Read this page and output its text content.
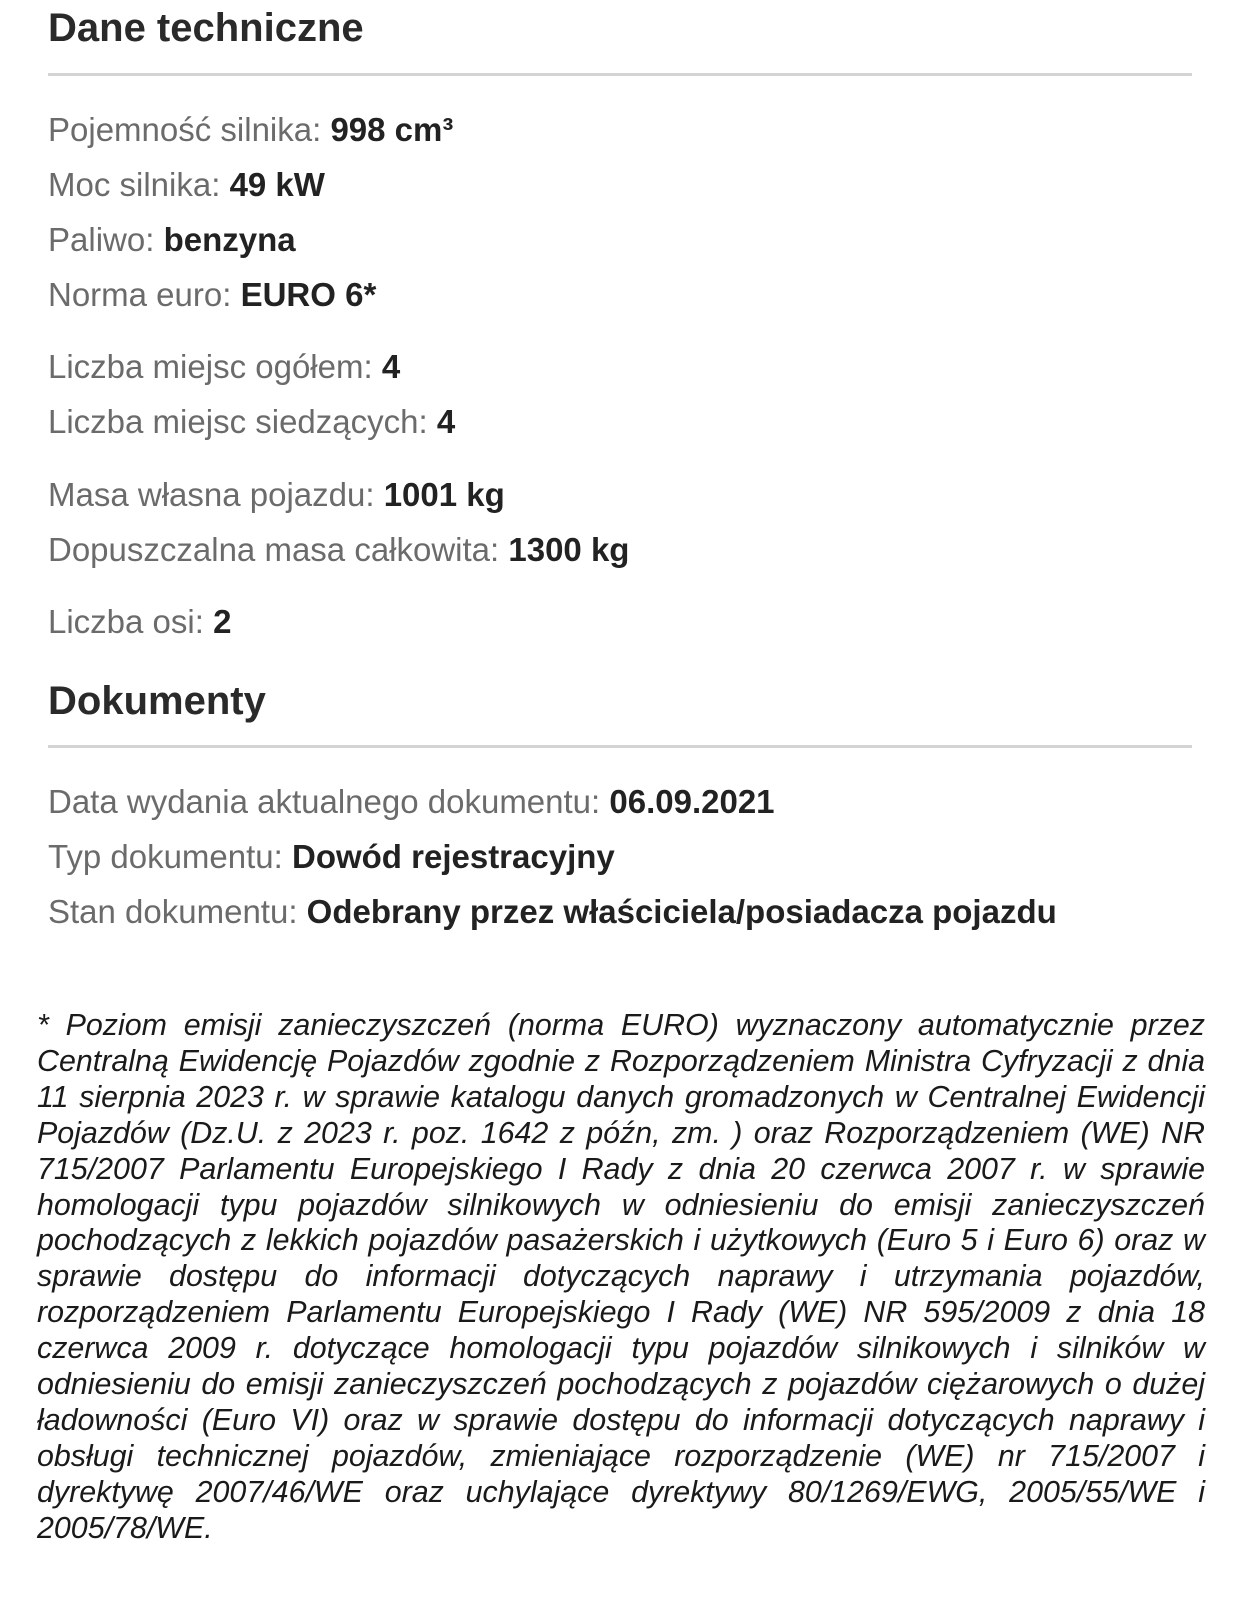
Dane techniczne
Pojemność silnika: 998 cm³
Moc silnika: 49 kW
Paliwo: benzyna
Norma euro: EURO 6*
Liczba miejsc ogółem: 4
Liczba miejsc siedzących: 4
Masa własna pojazdu: 1001 kg
Dopuszczalna masa całkowita: 1300 kg
Liczba osi: 2
Dokumenty
Data wydania aktualnego dokumentu: 06.09.2021
Typ dokumentu: Dowód rejestracyjny
Stan dokumentu: Odebrany przez właściciela/posiadacza pojazdu

* Poziom emisji zanieczyszczeń (norma EURO) wyznaczony automatycznie przez Centralną Ewidencję Pojazdów zgodnie z Rozporządzeniem Ministra Cyfryzacji z dnia 11 sierpnia 2023 r. w sprawie katalogu danych gromadzonych w Centralnej Ewidencji Pojazdów (Dz.U. z 2023 r. poz. 1642 z późn, zm. ) oraz Rozporządzeniem (WE) NR 715/2007 Parlamentu Europejskiego I Rady z dnia 20 czerwca 2007 r. w sprawie homologacji typu pojazdów silnikowych w odniesieniu do emisji zanieczyszczeń pochodzących z lekkich pojazdów pasażerskich i użytkowych (Euro 5 i Euro 6) oraz w sprawie dostępu do informacji dotyczących naprawy i utrzymania pojazdów, rozporządzeniem Parlamentu Europejskiego I Rady (WE) NR 595/2009 z dnia 18 czerwca 2009 r. dotyczące homologacji typu pojazdów silnikowych i silników w odniesieniu do emisji zanieczyszczeń pochodzących z pojazdów ciężarowych o dużej ładowności (Euro VI) oraz w sprawie dostępu do informacji dotyczących naprawy i obsługi technicznej pojazdów, zmieniające rozporządzenie (WE) nr 715/2007 i dyrektywę 2007/46/WE oraz uchylające dyrektywy 80/1269/EWG, 2005/55/WE i 2005/78/WE.
